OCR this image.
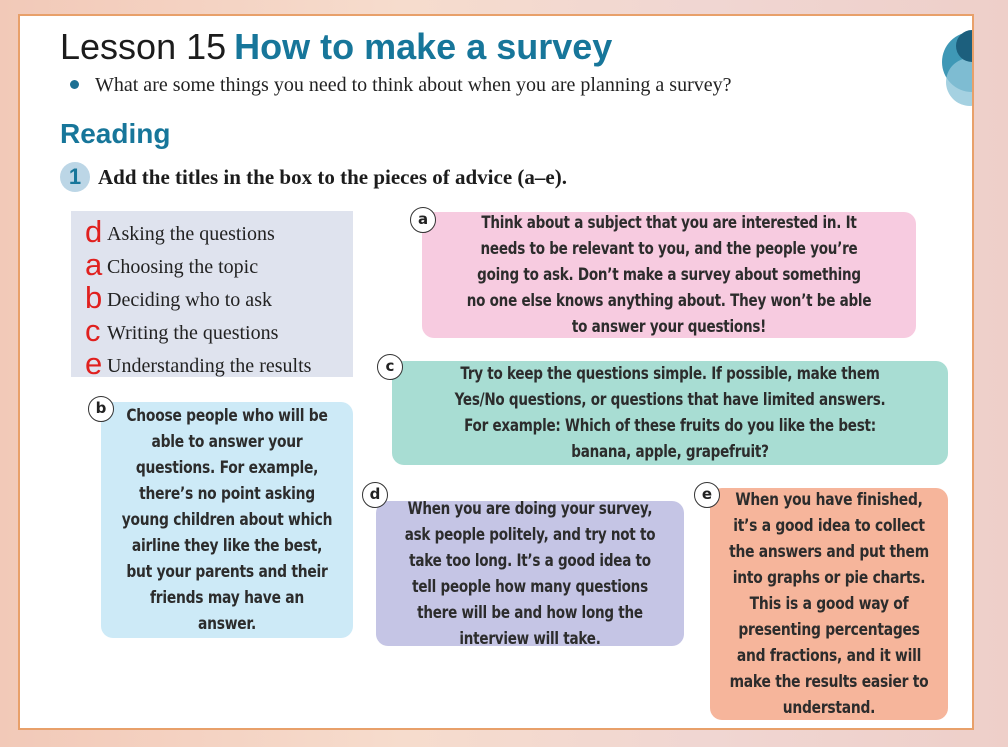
Lesson 15 How to make a survey
What are some things you need to think about when you are planning a survey?
Reading
1 Add the titles in the box to the pieces of advice (a–e).
d Asking the questions
a Choosing the topic
b Deciding who to ask
c Writing the questions
e Understanding the results

Think about a subject that you are interested in. It needs to be relevant to you, and the people you’re going to ask. Don’t make a survey about something no one else knows anything about. They won’t be able to answer your questions!

a

Try to keep the questions simple. If possible, make them Yes/No questions, or questions that have limited answers. For example: Which of these fruits do you like the best: banana, apple, grapefruit?

c

Choose people who will be able to answer your questions. For example, there’s no point asking young children about which airline they like the best, but your parents and their friends may have an answer.

b

When you are doing your survey, ask people politely, and try not to take too long. It’s a good idea to tell people how many questions there will be and how long the interview will take.

d	When you have finished, it’s a good idea to collect the answers and put them into graphs or pie charts. This is a good way of presenting percentages and fractions, and it will make the results easier to understand.

e
